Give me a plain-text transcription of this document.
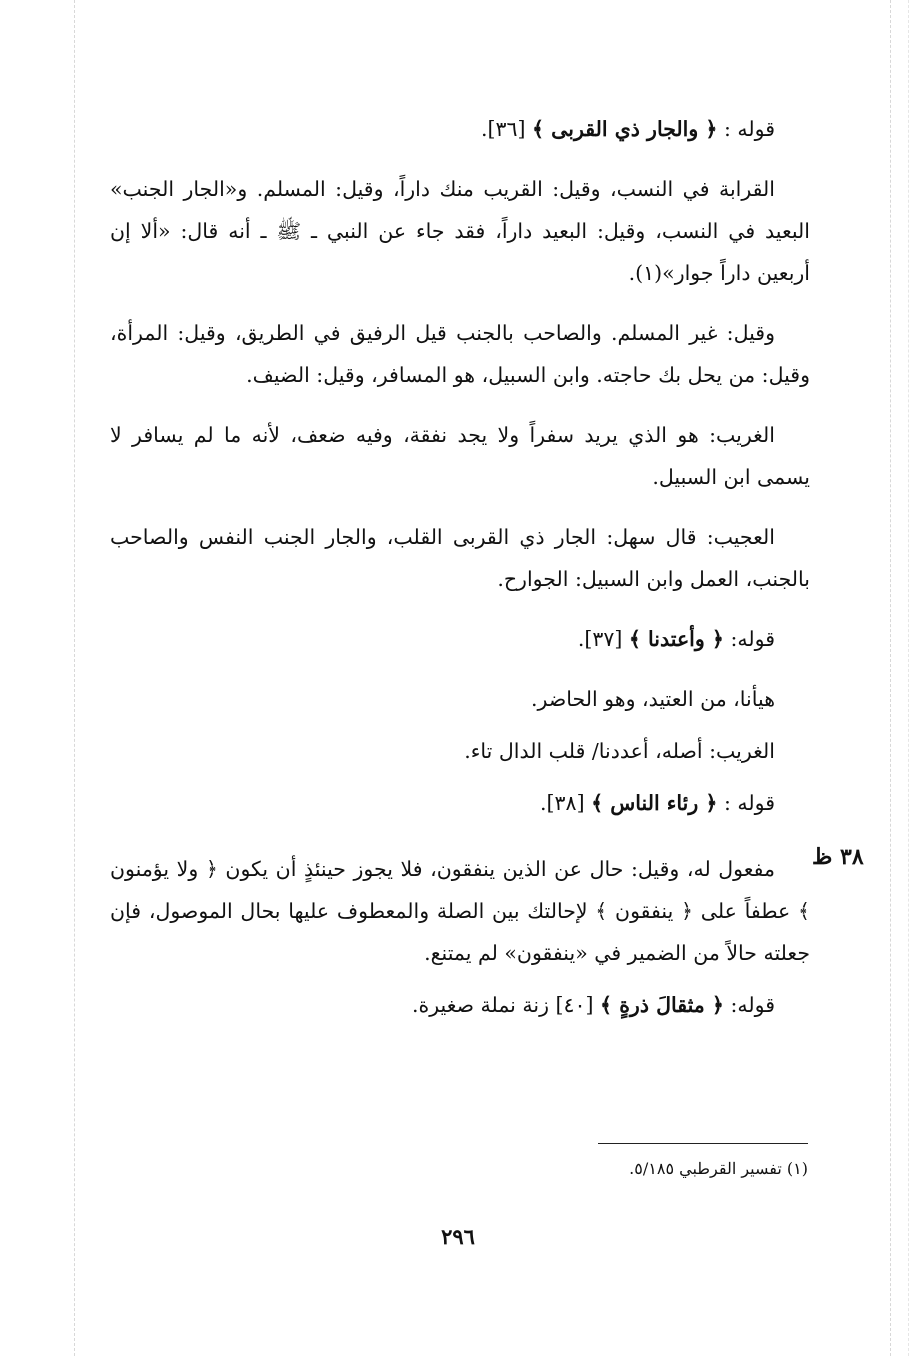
قوله : ﴿ والجار ذي القربى ﴾ [٣٦].

القرابة في النسب، وقيل: القريب منك داراً، وقيل: المسلم. و«الجار الجنب» البعيد في النسب، وقيل: البعيد داراً، فقد جاء عن النبي ـ ﷺ ـ أنه قال: «ألا إن أربعين داراً جوار»(١).

وقيل: غير المسلم. والصاحب بالجنب قيل الرفيق في الطريق، وقيل: المرأة، وقيل: من يحل بك حاجته. وابن السبيل، هو المسافر، وقيل: الضيف.

الغريب: هو الذي يريد سفراً ولا يجد نفقة، وفيه ضعف، لأنه ما لم يسافر لا يسمى ابن السبيل.

العجيب: قال سهل: الجار ذي القربى القلب، والجار الجنب النفس والصاحب بالجنب، العمل وابن السبيل: الجوارح.

قوله: ﴿ وأعتدنا ﴾ [٣٧].

هيأنا، من العتيد، وهو الحاضر.

الغريب: أصله، أعددنا/ قلب الدال تاء.

قوله : ﴿ رئاء الناس ﴾ [٣٨].

مفعول له، وقيل: حال عن الذين ينفقون، فلا يجوز حينئذٍ أن يكون ﴿ ولا يؤمنون ﴾ عطفاً على ﴿ ينفقون ﴾ لإحالتك بين الصلة والمعطوف عليها بحال الموصول، فإن جعلته حالاً من الضمير في «ينفقون» لم يمتنع.

قوله: ﴿ مثقالَ ذرةٍ ﴾ [٤٠] زنة نملة صغيرة.
٣٨ ظ
(١) تفسير القرطبي ٥/١٨٥.
٢٩٦
